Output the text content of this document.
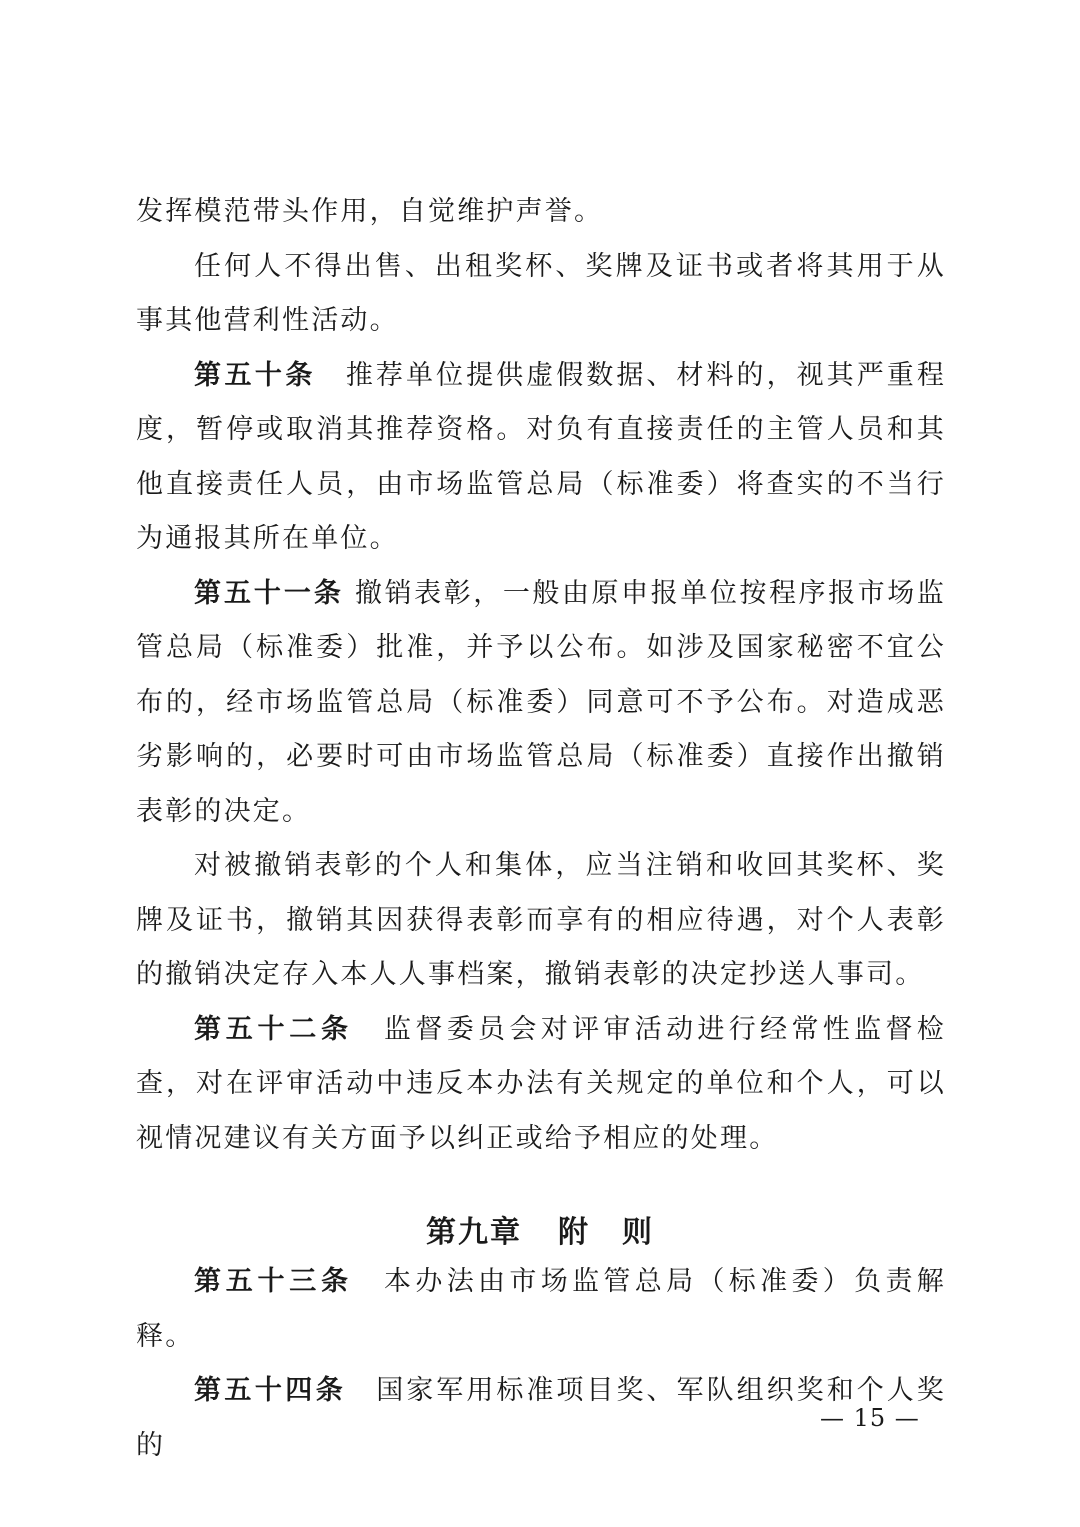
发挥模范带头作用，自觉维护声誉。

任何人不得出售、出租奖杯、奖牌及证书或者将其用于从事其他营利性活动。

第五十条　 推荐单位提供虚假数据、材料的，视其严重程度，暂停或取消其推荐资格。对负有直接责任的主管人员和其他直接责任人员，由市场监管总局（标准委）将查实的不当行为通报其所在单位。

第五十一条 撤销表彰，一般由原申报单位按程序报市场监管总局（标准委）批准，并予以公布。如涉及国家秘密不宜公布的，经市场监管总局（标准委）同意可不予公布。对造成恶劣影响的，必要时可由市场监管总局（标准委）直接作出撤销表彰的决定。

对被撤销表彰的个人和集体，应当注销和收回其奖杯、奖牌及证书，撤销其因获得表彰而享有的相应待遇，对个人表彰的撤销决定存入本人人事档案，撤销表彰的决定抄送人事司。

第五十二条　 监督委员会对评审活动进行经常性监督检查，对在评审活动中违反本办法有关规定的单位和个人，可以视情况建议有关方面予以纠正或给予相应的处理。

第九章 附　则

第五十三条　 本办法由市场监管总局（标准委）负责解释。

第五十四条　 国家军用标准项目奖、军队组织奖和个人奖的

— 15 —
